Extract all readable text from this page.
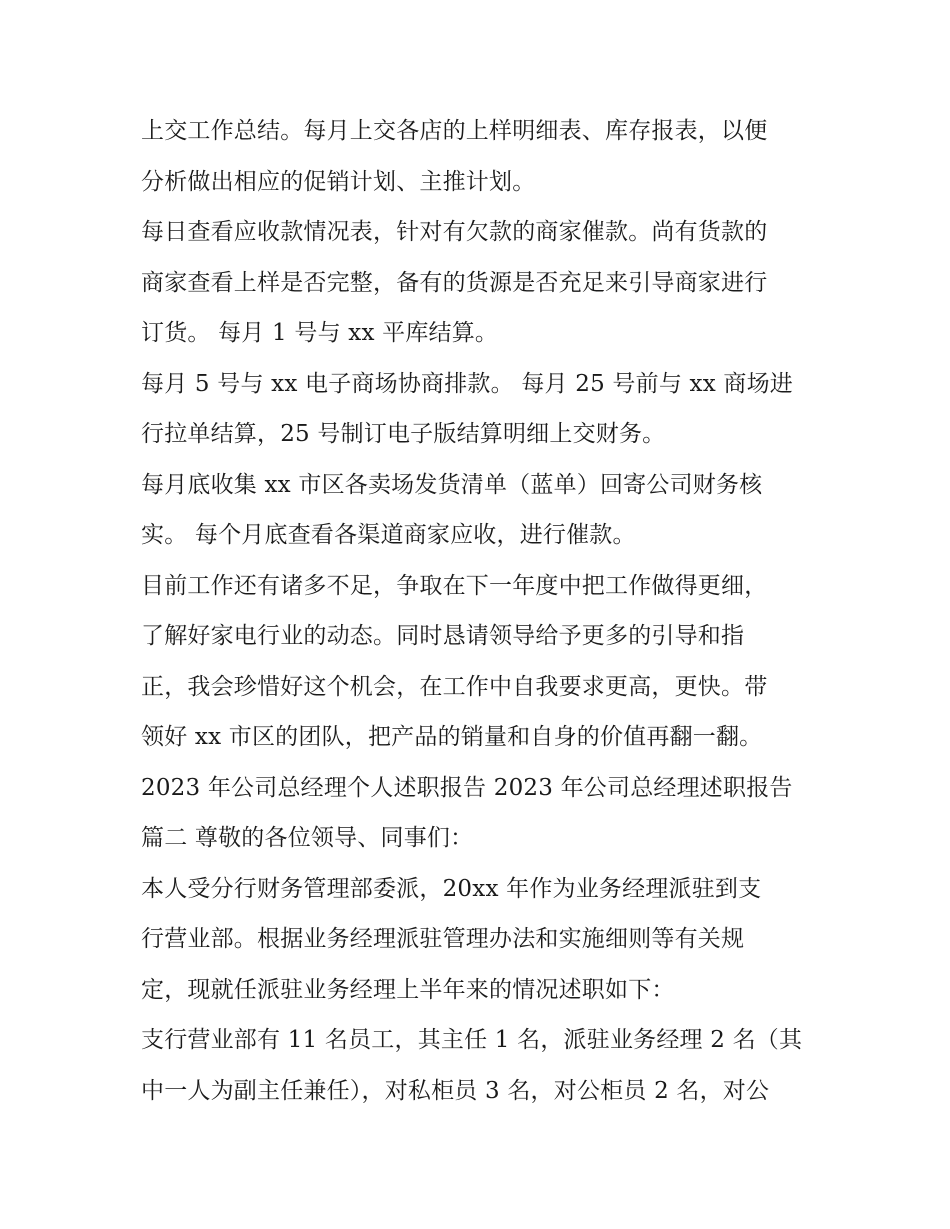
上交工作总结。每月上交各店的上样明细表、库存报表，以便
分析做出相应的促销计划、主推计划。
每日查看应收款情况表，针对有欠款的商家催款。尚有货款的
商家查看上样是否完整，备有的货源是否充足来引导商家进行
订货。 每月 1 号与 xx 平库结算。
每月 5 号与 xx 电子商场协商排款。 每月 25 号前与 xx 商场进
行拉单结算，25 号制订电子版结算明细上交财务。
每月底收集 xx 市区各卖场发货清单（蓝单）回寄公司财务核
实。 每个月底查看各渠道商家应收，进行催款。
目前工作还有诸多不足，争取在下一年度中把工作做得更细，
了解好家电行业的动态。同时恳请领导给予更多的引导和指
正，我会珍惜好这个机会，在工作中自我要求更高，更快。带
领好 xx 市区的团队，把产品的销量和自身的价值再翻一翻。
2023 年公司总经理个人述职报告 2023 年公司总经理述职报告
篇二 尊敬的各位领导、同事们：
本人受分行财务管理部委派，20xx 年作为业务经理派驻到支
行营业部。根据业务经理派驻管理办法和实施细则等有关规
定，现就任派驻业务经理上半年来的情况述职如下：
支行营业部有 11 名员工，其主任 1 名，派驻业务经理 2 名（其
中一人为副主任兼任），对私柜员 3 名，对公柜员 2 名，对公
